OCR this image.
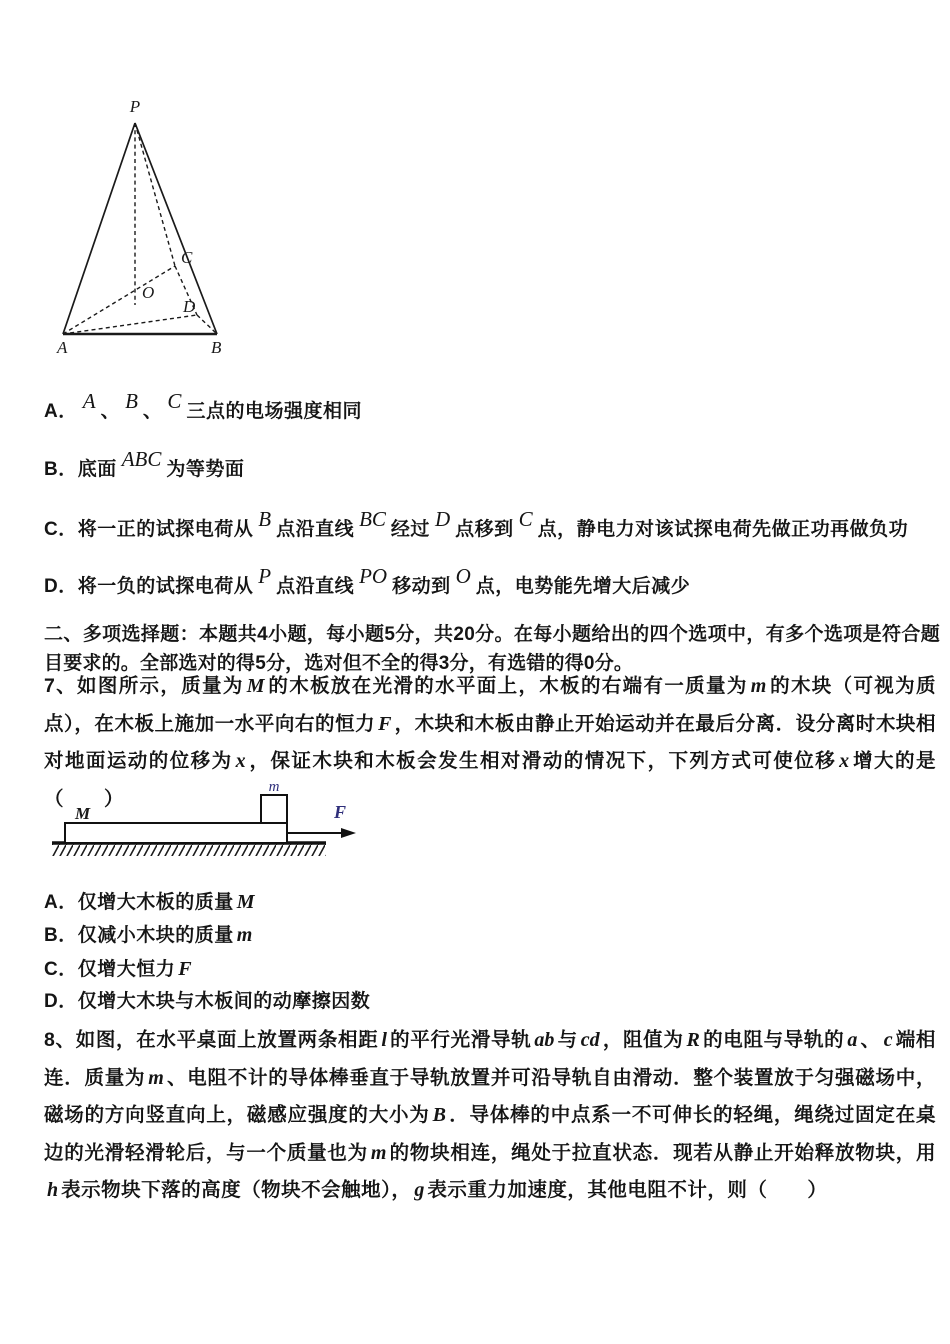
P
A	B
C
O
D
A． A 、 B 、 C 三点的电场强度相同
B．底面 ABC 为等势面
C．将一正的试探电荷从 B 点沿直线 BC 经过 D 点移到 C 点，静电力对该试探电荷先做正功再做负功
D．将一负的试探电荷从 P 点沿直线 PO 移动到 O 点，电势能先增大后减少
二、多项选择题：本题共4小题，每小题5分，共20分。在每小题给出的四个选项中，有多个选项是符合题目要求的。全部选对的得5分，选对但不全的得3分，有选错的得0分。
7、如图所示，质量为 M 的木板放在光滑的水平面上，木板的右端有一质量为 m 的木块（可视为质点），在木板上施加一水平向右的恒力 F ，木块和木板由静止开始运动并在最后分离．设分离时木块相对地面运动的位移为 x ，保证木块和木板会发生相对滑动的情况下，下列方式可使位移 x 增大的是（　　）
M
m
F
A．仅增大木板的质量 M
B．仅减小木块的质量 m
C．仅增大恒力 F
D．仅增大木块与木板间的动摩擦因数
8、如图，在水平桌面上放置两条相距 l 的平行光滑导轨 ab 与 cd ，阻值为 R 的电阻与导轨的 a 、 c 端相连．质量为 m 、电阻不计的导体棒垂直于导轨放置并可沿导轨自由滑动．整个装置放于匀强磁场中，磁场的方向竖直向上，磁感应强度的大小为 B ．导体棒的中点系一不可伸长的轻绳，绳绕过固定在桌边的光滑轻滑轮后，与一个质量也为 m 的物块相连，绳处于拉直状态．现若从静止开始释放物块，用h 表示物块下落的高度（物块不会触地）， g 表示重力加速度，其他电阻不计，则（　　）
